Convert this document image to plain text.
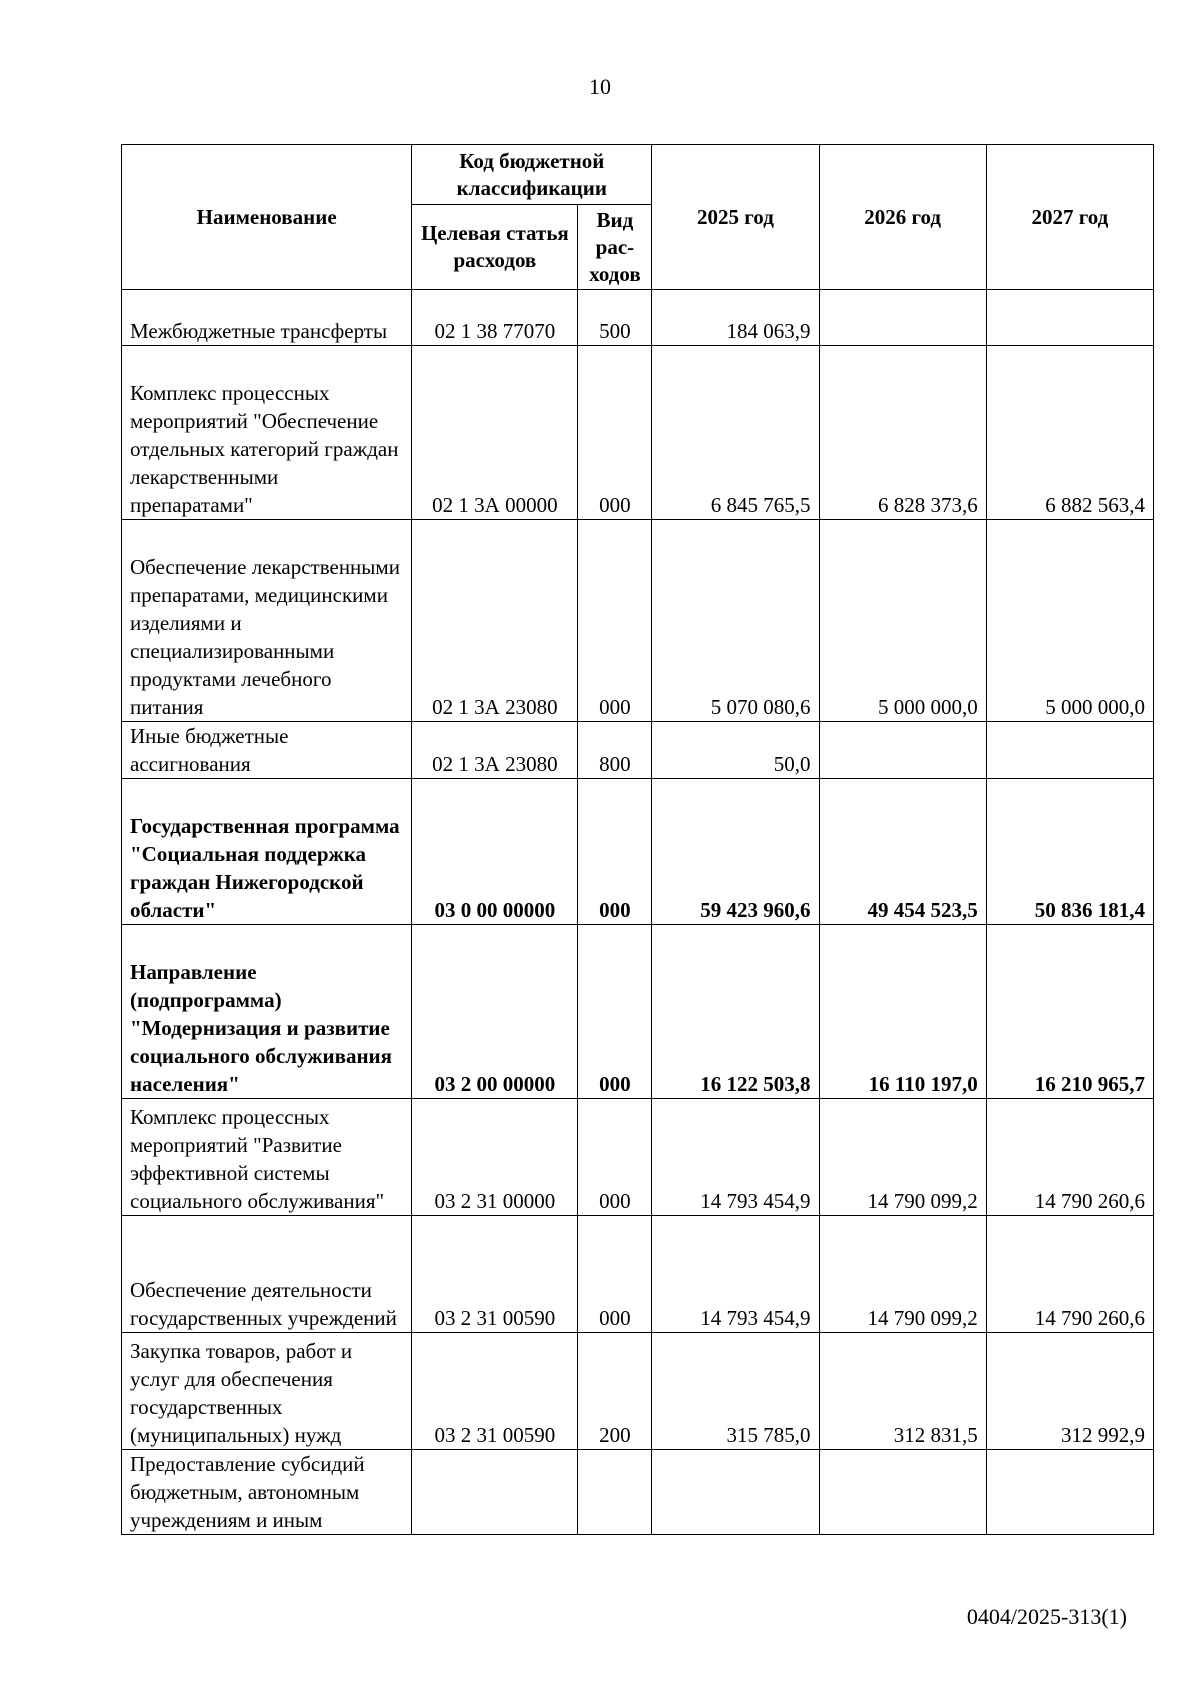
10
Наименование	Код бюджетной классификации		2025 год	2026 год	2027 год
	Целевая статья расходов	Вид рас-ходов			
Межбюджетные трансферты	02 1 38 77070	500	184 063,9		
Комплекс процессных мероприятий "Обеспечение отдельных категорий граждан лекарственными препаратами"	02 1 3А 00000	000	6 845 765,5	6 828 373,6	6 882 563,4
Обеспечение лекарственными препаратами, медицинскими изделиями и специализированными продуктами лечебного питания	02 1 3А 23080	000	5 070 080,6	5 000 000,0	5 000 000,0
Иные бюджетные ассигнования	02 1 3А 23080	800	50,0		
Государственная программа "Социальная поддержка граждан Нижегородской области"	03 0 00 00000	000	59 423 960,6	49 454 523,5	50 836 181,4
Направление (подпрограмма) "Модернизация и развитие социального обслуживания населения"	03 2 00 00000	000	16 122 503,8	16 110 197,0	16 210 965,7
Комплекс процессных мероприятий "Развитие эффективной системы социального обслуживания"	03 2 31 00000	000	14 793 454,9	14 790 099,2	14 790 260,6
Обеспечение деятельности государственных учреждений	03 2 31 00590	000	14 793 454,9	14 790 099,2	14 790 260,6
Закупка товаров, работ и услуг для обеспечения государственных (муниципальных) нужд	03 2 31 00590	200	315 785,0	312 831,5	312 992,9
Предоставление субсидий бюджетным, автономным учреждениям и иным					
0404/2025-313(1)
